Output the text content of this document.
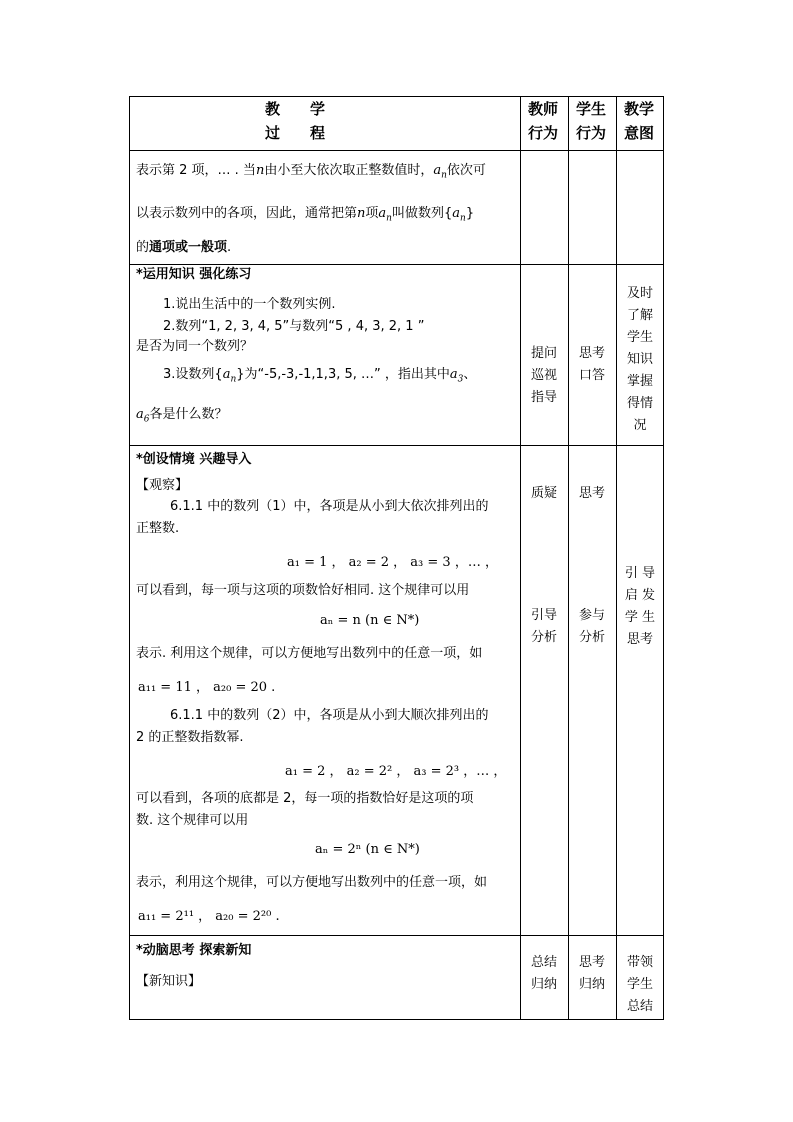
教　　学
过　　程
教师
行为
学生
行为
教学
意图
表示第 2 项，… . 当n由小至大依次取正整数值时，$a_n$依次可
以表示数列中的各项，因此，通常把第n项$a_n$叫做数列$\{a_n\}$
的通项或一般项.
*运用知识 强化练习
1.说出生活中的一个数列实例.
2.数列“1, 2, 3, 4, 5”与数列“5 , 4, 3, 2, 1 ”
是否为同一个数列？
3.设数列$\{a_n\}$为“-5,-3,-1,1,3, 5, …” ，指出其中$a_3$、
$a_6$各是什么数？
提问
巡视
指导
思考
口答
及时
了解
学生
知识
掌握
得情
况
*创设情境 兴趣导入
【观察】
6.1.1 中的数列（1）中，各项是从小到大依次排列出的
正整数.
a₁ = 1 ， a₂ = 2 ， a₃ = 3 ，… ，
可以看到，每一项与这项的项数恰好相同. 这个规律可以用
aₙ = n (n ∈ N*)
表示. 利用这个规律，可以方便地写出数列中的任意一项，如
a₁₁ = 11 ， a₂₀ = 20 .
6.1.1 中的数列（2）中，各项是从小到大顺次排列出的
2 的正整数指数幂.
a₁ = 2 ， a₂ = 2² ， a₃ = 2³ ，… ，
可以看到，各项的底都是 2，每一项的指数恰好是这项的项
数. 这个规律可以用
aₙ = 2ⁿ (n ∈ N*)
表示，利用这个规律，可以方便地写出数列中的任意一项，如
a₁₁ = 2¹¹ ， a₂₀ = 2²⁰ .
质疑
引导
分析
思考
参与
分析
引 导
启 发
学 生
思考
*动脑思考 探索新知
【新知识】
总结
归纳
思考
归纳
带领
学生
总结
